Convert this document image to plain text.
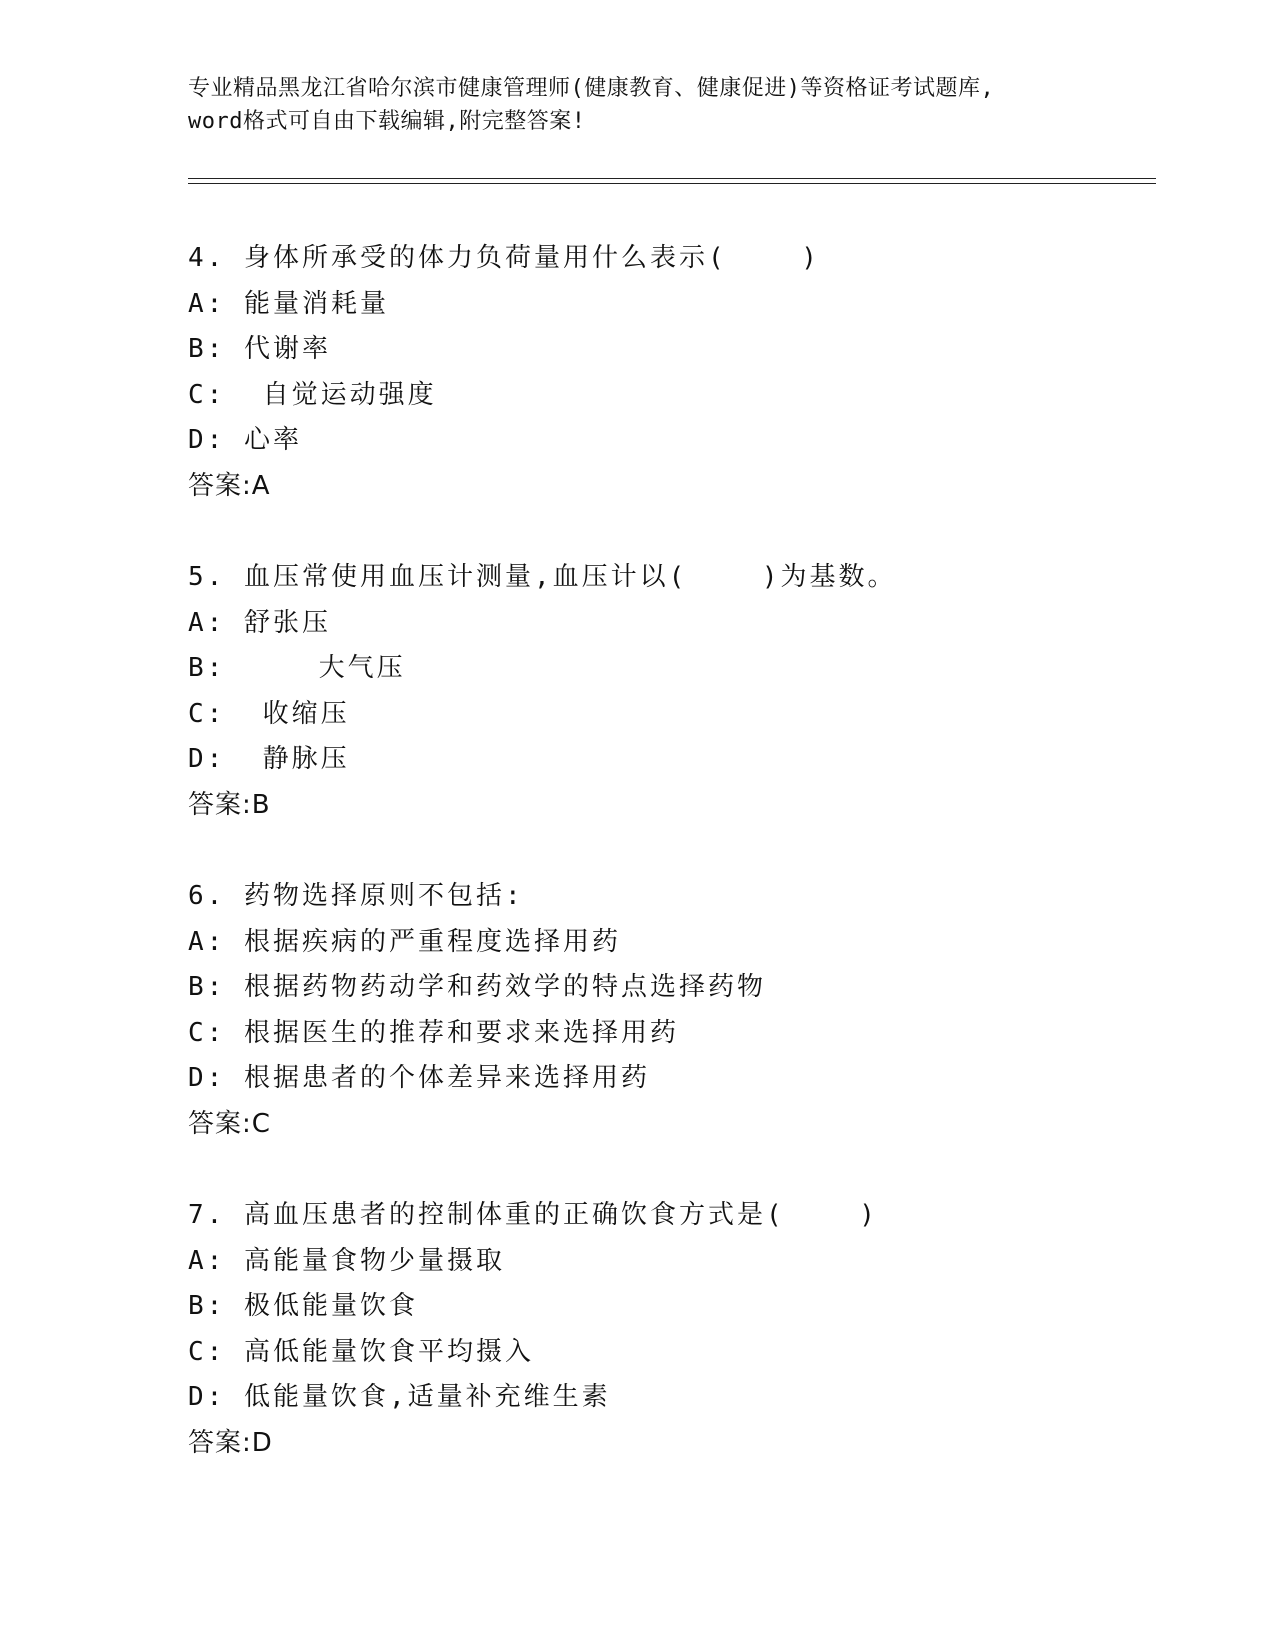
专业精品黑龙江省哈尔滨市健康管理师(健康教育、健康促进)等资格证考试题库,
word格式可自由下载编辑,附完整答案!
4. 身体所承受的体力负荷量用什么表示(    )
A: 能量消耗量
B: 代谢率
C:  自觉运动强度
D: 心率
答案:A
5. 血压常使用血压计测量,血压计以(    )为基数。
A: 舒张压
B:     大气压
C:  收缩压
D:  静脉压
答案:B
6. 药物选择原则不包括:
A: 根据疾病的严重程度选择用药
B: 根据药物药动学和药效学的特点选择药物
C: 根据医生的推荐和要求来选择用药
D: 根据患者的个体差异来选择用药
答案:C
7. 高血压患者的控制体重的正确饮食方式是(    )
A: 高能量食物少量摄取
B: 极低能量饮食
C: 高低能量饮食平均摄入
D: 低能量饮食,适量补充维生素
答案:D
